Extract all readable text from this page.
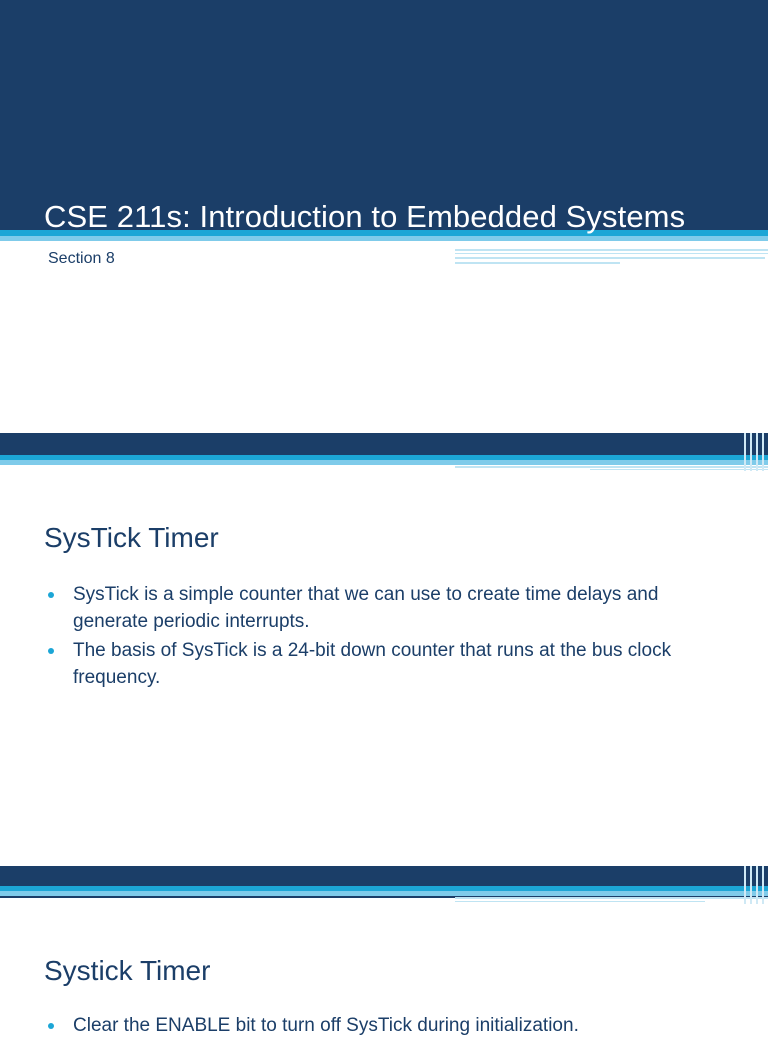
CSE 211s: Introduction to Embedded Systems
Section 8
SysTick Timer
SysTick is a simple counter that we can use to create time delays and generate periodic interrupts.
The basis of SysTick is a 24-bit down counter that runs at the bus clock frequency.
Systick Timer
Clear the ENABLE bit to turn off SysTick during initialization.
